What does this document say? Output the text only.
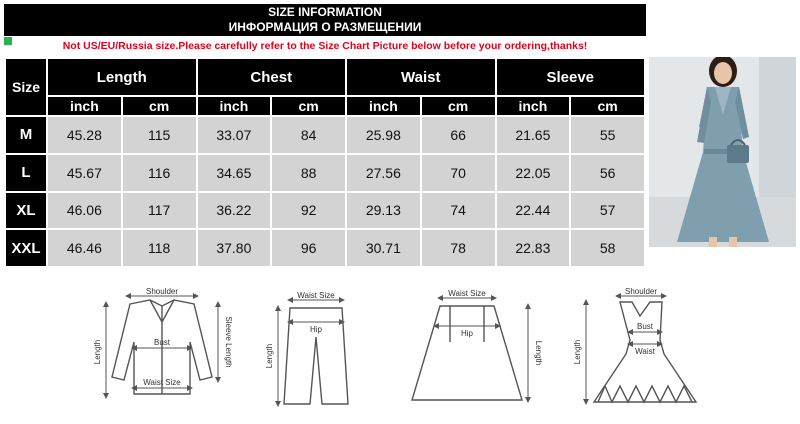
SIZE INFORMATION
ИНФОРМАЦИЯ О РАЗМЕЩЕНИИ
Not US/EU/Russia size.Please carefully refer to the Size Chart Picture below before your ordering,thanks!
Size	Length		Chest		Waist		Sleeve	
	inch	cm	inch	cm	inch	cm	inch	cm
M	45.28	115	33.07	84	25.98	66	21.65	55
L	45.67	116	34.65	88	27.56	70	22.05	56
XL	46.06	117	36.22	92	29.13	74	22.44	57
XXL	46.46	118	37.80	96	30.71	78	22.83	58
Shoulder
Bust
Waist Size
Length	Sleeve Length
Waist Size
Hip
Length
Waist Size
Hip
Length
Shoulder
Bust
Waist
Length
